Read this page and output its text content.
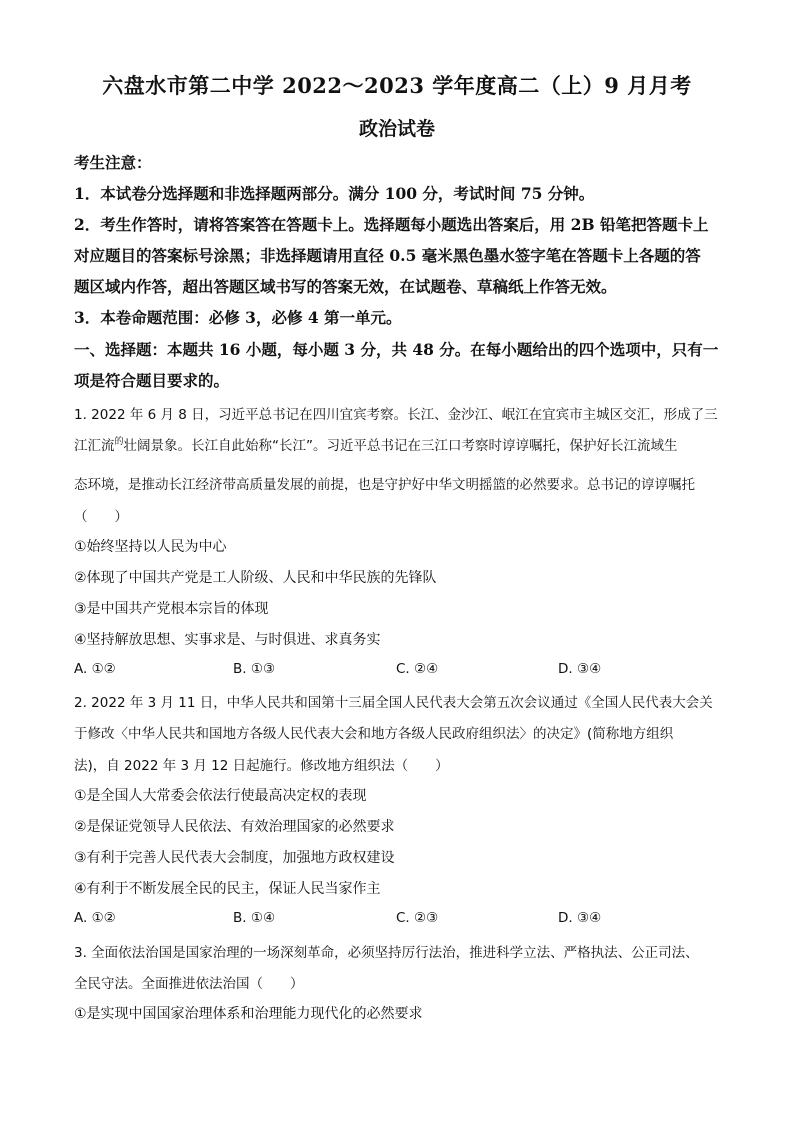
六盘水市第二中学 2022～2023 学年度高二（上）9 月月考
政治试卷
考生注意：
1．本试卷分选择题和非选择题两部分。满分 100 分，考试时间 75 分钟。
2．考生作答时，请将答案答在答题卡上。选择题每小题选出答案后，用 2B 铅笔把答题卡上
对应题目的答案标号涂黑；非选择题请用直径 0.5 毫米黑色墨水签字笔在答题卡上各题的答
题区域内作答，超出答题区域书写的答案无效，在试题卷、草稿纸上作答无效。
3．本卷命题范围：必修 3，必修 4 第一单元。
一、选择题：本题共 16 小题，每小题 3 分，共 48 分。在每小题给出的四个选项中，只有一
项是符合题目要求的。
1. 2022 年 6 月 8 日，习近平总书记在四川宜宾考察。长江、金沙江、岷江在宜宾市主城区交汇，形成了三
江汇流$^的$壮阔景象。长江自此始称“长江”。习近平总书记在三江口考察时谆谆嘱托，保护好长江流域生
态环境，是推动长江经济带高质量发展的前提，也是守护好中华文明摇篮的必然要求。总书记的谆谆嘱托
（　　）
①始终坚持以人民为中心
②体现了中国共产党是工人阶级、人民和中华民族的先锋队
③是中国共产党根本宗旨的体现
④坚持解放思想、实事求是、与时俱进、求真务实
A. ①②	B. ①③	C. ②④	D. ③④
2. 2022 年 3 月 11 日，中华人民共和国第十三届全国人民代表大会第五次会议通过《全国人民代表大会关
于修改〈中华人民共和国地方各级人民代表大会和地方各级人民政府组织法〉的决定》(简称地方组织
法)，自 2022 年 3 月 12 日起施行。修改地方组织法（　　）
①是全国人大常委会依法行使最高决定权的表现
②是保证党领导人民依法、有效治理国家的必然要求
③有利于完善人民代表大会制度，加强地方政权建设
④有利于不断发展全民的民主，保证人民当家作主
A. ①②	B. ①④	C. ②③	D. ③④
3. 全面依法治国是国家治理的一场深刻革命，必须坚持厉行法治，推进科学立法、严格执法、公正司法、
全民守法。全面推进依法治国（　　）
①是实现中国国家治理体系和治理能力现代化的必然要求
